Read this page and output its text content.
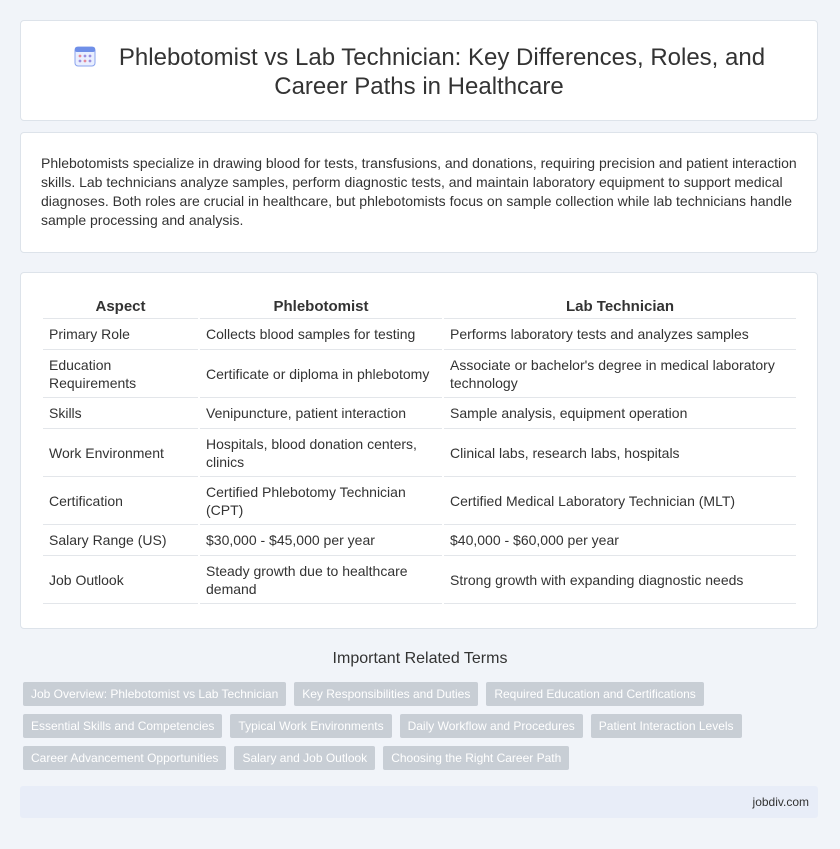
Phlebotomist vs Lab Technician: Key Differences, Roles, and
Career Paths in Healthcare
Phlebotomists specialize in drawing blood for tests, transfusions, and donations, requiring precision and patient interaction skills. Lab technicians analyze samples, perform diagnostic tests, and maintain laboratory equipment to support medical diagnoses. Both roles are crucial in healthcare, but phlebotomists focus on sample collection while lab technicians handle sample processing and analysis.
Aspect	Phlebotomist	Lab Technician
Primary Role	Collects blood samples for testing	Performs laboratory tests and analyzes samples
Education Requirements	Certificate or diploma in phlebotomy	Associate or bachelor's degree in medical laboratory technology
Skills	Venipuncture, patient interaction	Sample analysis, equipment operation
Work Environment	Hospitals, blood donation centers, clinics	Clinical labs, research labs, hospitals
Certification	Certified Phlebotomy Technician (CPT)	Certified Medical Laboratory Technician (MLT)
Salary Range (US)	$30,000 - $45,000 per year	$40,000 - $60,000 per year
Job Outlook	Steady growth due to healthcare demand	Strong growth with expanding diagnostic needs
Important Related Terms
Job Overview: Phlebotomist vs Lab Technician	Key Responsibilities and Duties	Required Education and Certifications
Essential Skills and Competencies	Typical Work Environments	Daily Workflow and Procedures	Patient Interaction Levels
Career Advancement Opportunities	Salary and Job Outlook	Choosing the Right Career Path
jobdiv.com
